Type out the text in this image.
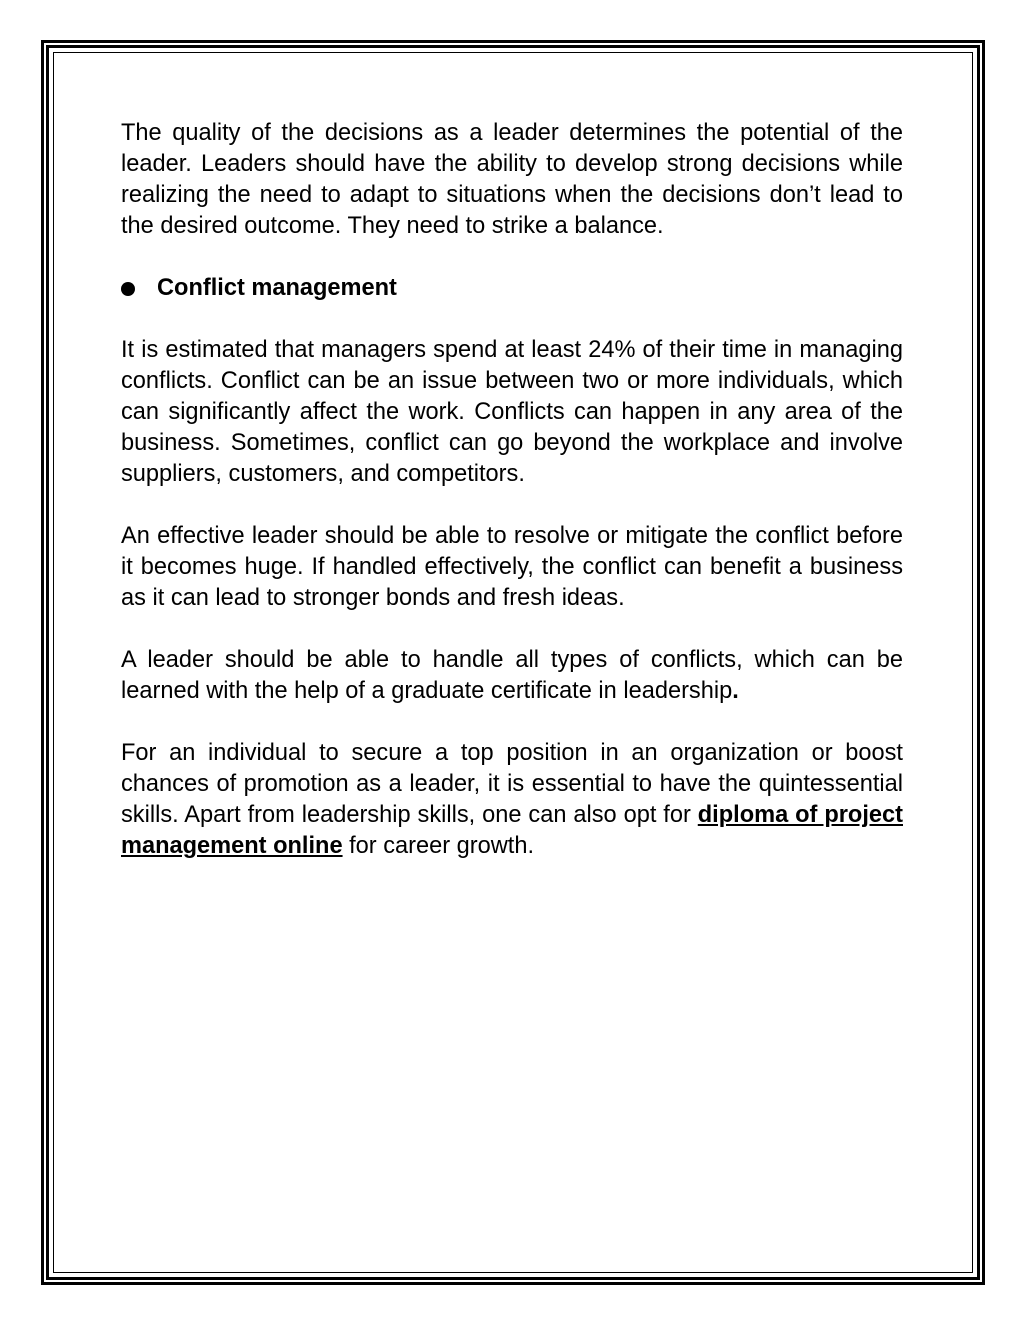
The quality of the decisions as a leader determines the potential of the leader. Leaders should have the ability to develop strong decisions while realizing the need to adapt to situations when the decisions don’t lead to the desired outcome. They need to strike a balance.

Conflict management

It is estimated that managers spend at least 24% of their time in managing conflicts. Conflict can be an issue between two or more individuals, which can significantly affect the work. Conflicts can happen in any area of the business. Sometimes, conflict can go beyond the workplace and involve suppliers, customers, and competitors.

An effective leader should be able to resolve or mitigate the conflict before it becomes huge. If handled effectively, the conflict can benefit a business as it can lead to stronger bonds and fresh ideas.

A leader should be able to handle all types of conflicts, which can be learned with the help of a graduate certificate in leadership.

For an individual to secure a top position in an organization or boost chances of promotion as a leader, it is essential to have the quintessential skills. Apart from leadership skills, one can also opt for diploma of project management online for career growth.
